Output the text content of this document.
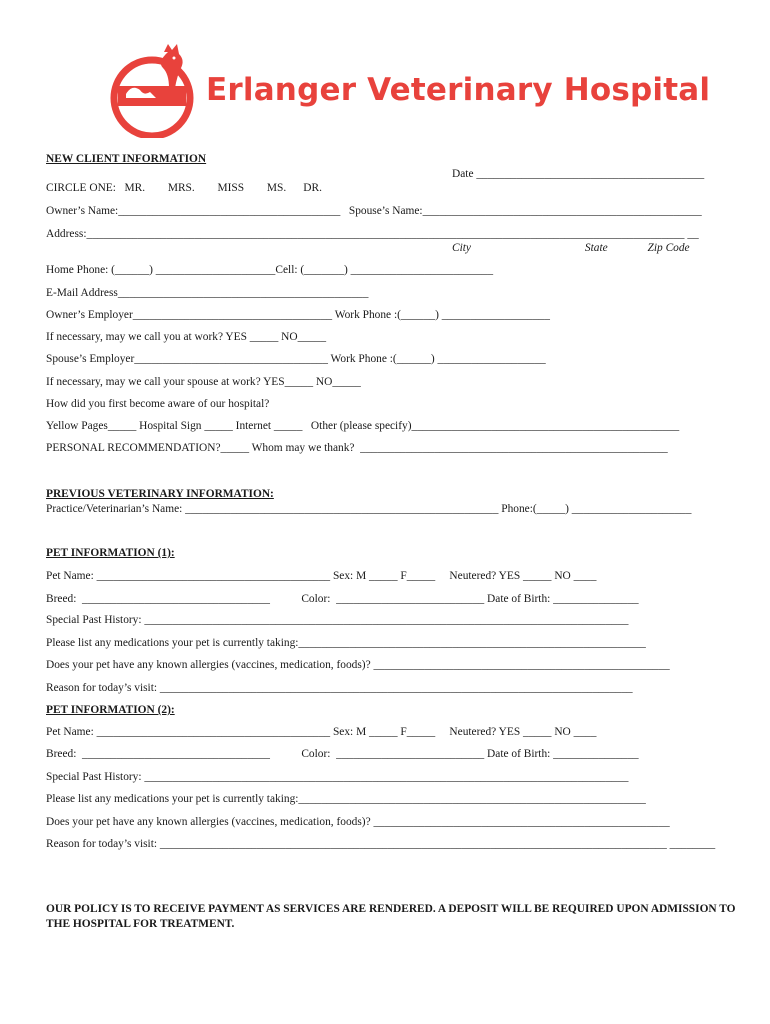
Erlanger Veterinary Hospital
NEW CLIENT INFORMATION
Date ________________________________________
CIRCLE ONE:   MR.        MRS.        MISS        MS.      DR.
Owner’s Name:_______________________________________   Spouse’s Name:_________________________________________________
Address:_________________________________________________________________________________________________________ __
City                                        State              Zip Code
Home Phone: (______) _____________________Cell: (_______) _________________________
E-Mail Address____________________________________________
Owner’s Employer___________________________________ Work Phone :(______) ___________________
If necessary, may we call you at work? YES _____ NO_____
Spouse’s Employer__________________________________ Work Phone :(______) ___________________
If necessary, may we call your spouse at work? YES_____ NO_____
How did you first become aware of our hospital?
Yellow Pages_____ Hospital Sign _____ Internet _____   Other (please specify)_______________________________________________
PERSONAL RECOMMENDATION?_____ Whom may we thank?  ______________________________________________________
PREVIOUS VETERINARY INFORMATION:
Practice/Veterinarian’s Name: _______________________________________________________ Phone:(_____) _____________________
PET INFORMATION (1):
Pet Name: _________________________________________ Sex: M _____ F_____     Neutered? YES _____ NO ____
Breed:  _________________________________           Color:  __________________________ Date of Birth: _______________
Special Past History: _____________________________________________________________________________________
Please list any medications your pet is currently taking:_____________________________________________________________
Does your pet have any known allergies (vaccines, medication, foods)? ____________________________________________________
Reason for today’s visit: ___________________________________________________________________________________
PET INFORMATION (2):
Pet Name: _________________________________________ Sex: M _____ F_____     Neutered? YES _____ NO ____
Breed:  _________________________________           Color:  __________________________ Date of Birth: _______________
Special Past History: _____________________________________________________________________________________
Please list any medications your pet is currently taking:_____________________________________________________________
Does your pet have any known allergies (vaccines, medication, foods)? ____________________________________________________
Reason for today’s visit: _________________________________________________________________________________________ ________
OUR POLICY IS TO RECEIVE PAYMENT AS SERVICES ARE RENDERED. A DEPOSIT WILL BE REQUIRED UPON ADMISSION TO THE HOSPITAL FOR TREATMENT.
